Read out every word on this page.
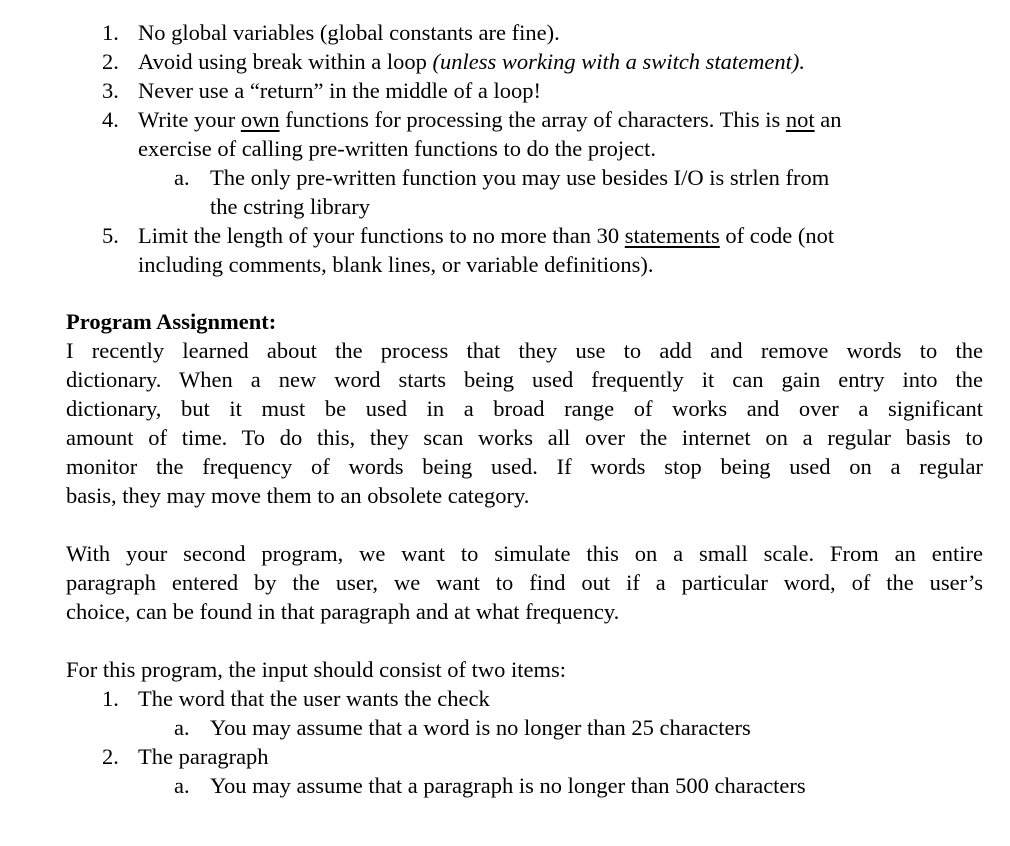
1. No global variables (global constants are fine).
2. Avoid using break within a loop (unless working with a switch statement).
3. Never use a “return” in the middle of a loop!
4. Write your own functions for processing the array of characters. This is not an
exercise of calling pre-written functions to do the project.
a. The only pre-written function you may use besides I/O is strlen from
the cstring library
5. Limit the length of your functions to no more than 30 statements of code (not
including comments, blank lines, or variable definitions).
Program Assignment:
I recently learned about the process that they use to add and remove words to the
dictionary. When a new word starts being used frequently it can gain entry into the
dictionary, but it must be used in a broad range of works and over a significant
amount of time. To do this, they scan works all over the internet on a regular basis to
monitor the frequency of words being used. If words stop being used on a regular
basis, they may move them to an obsolete category.
With your second program, we want to simulate this on a small scale. From an entire
paragraph entered by the user, we want to find out if a particular word, of the user’s
choice, can be found in that paragraph and at what frequency.
For this program, the input should consist of two items:
1. The word that the user wants the check
a. You may assume that a word is no longer than 25 characters
2. The paragraph
a. You may assume that a paragraph is no longer than 500 characters
